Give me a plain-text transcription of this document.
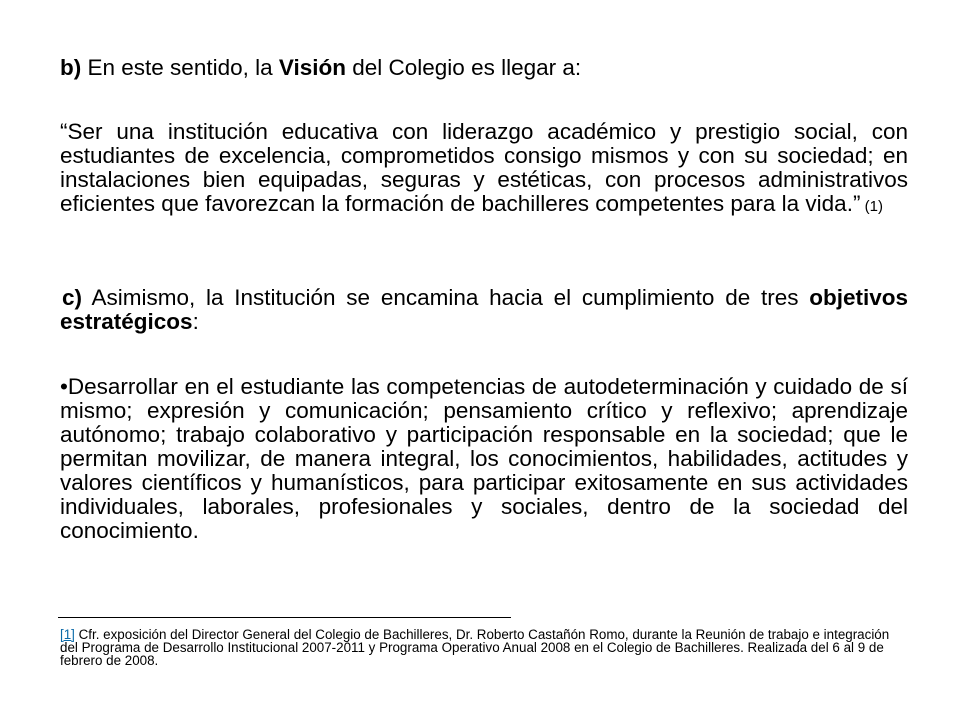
b) En este sentido, la Visión del Colegio es llegar a:

“Ser una institución educativa con liderazgo académico y prestigio social, con estudiantes de excelencia, comprometidos consigo mismos y con su sociedad; en instalaciones bien equipadas, seguras y estéticas, con procesos administrativos eficientes que favorezcan la formación de bachilleres competentes para la vida.” (1)

c) Asimismo, la Institución se encamina hacia el cumplimiento de tres objetivos estratégicos:

•Desarrollar en el estudiante las competencias de autodeterminación y cuidado de sí mismo; expresión y comunicación; pensamiento crítico y reflexivo; aprendizaje autónomo; trabajo colaborativo y participación responsable en la sociedad; que le permitan movilizar, de manera integral, los conocimientos, habilidades, actitudes y valores científicos y humanísticos, para participar exitosamente en sus actividades individuales, laborales, profesionales y sociales, dentro de la sociedad del conocimiento.

[1] Cfr. exposición del Director General del Colegio de Bachilleres, Dr. Roberto Castañón Romo, durante la Reunión de trabajo e integración del Programa de Desarrollo Institucional 2007-2011 y Programa Operativo Anual 2008 en el Colegio de Bachilleres. Realizada del 6 al 9 de febrero de 2008.
